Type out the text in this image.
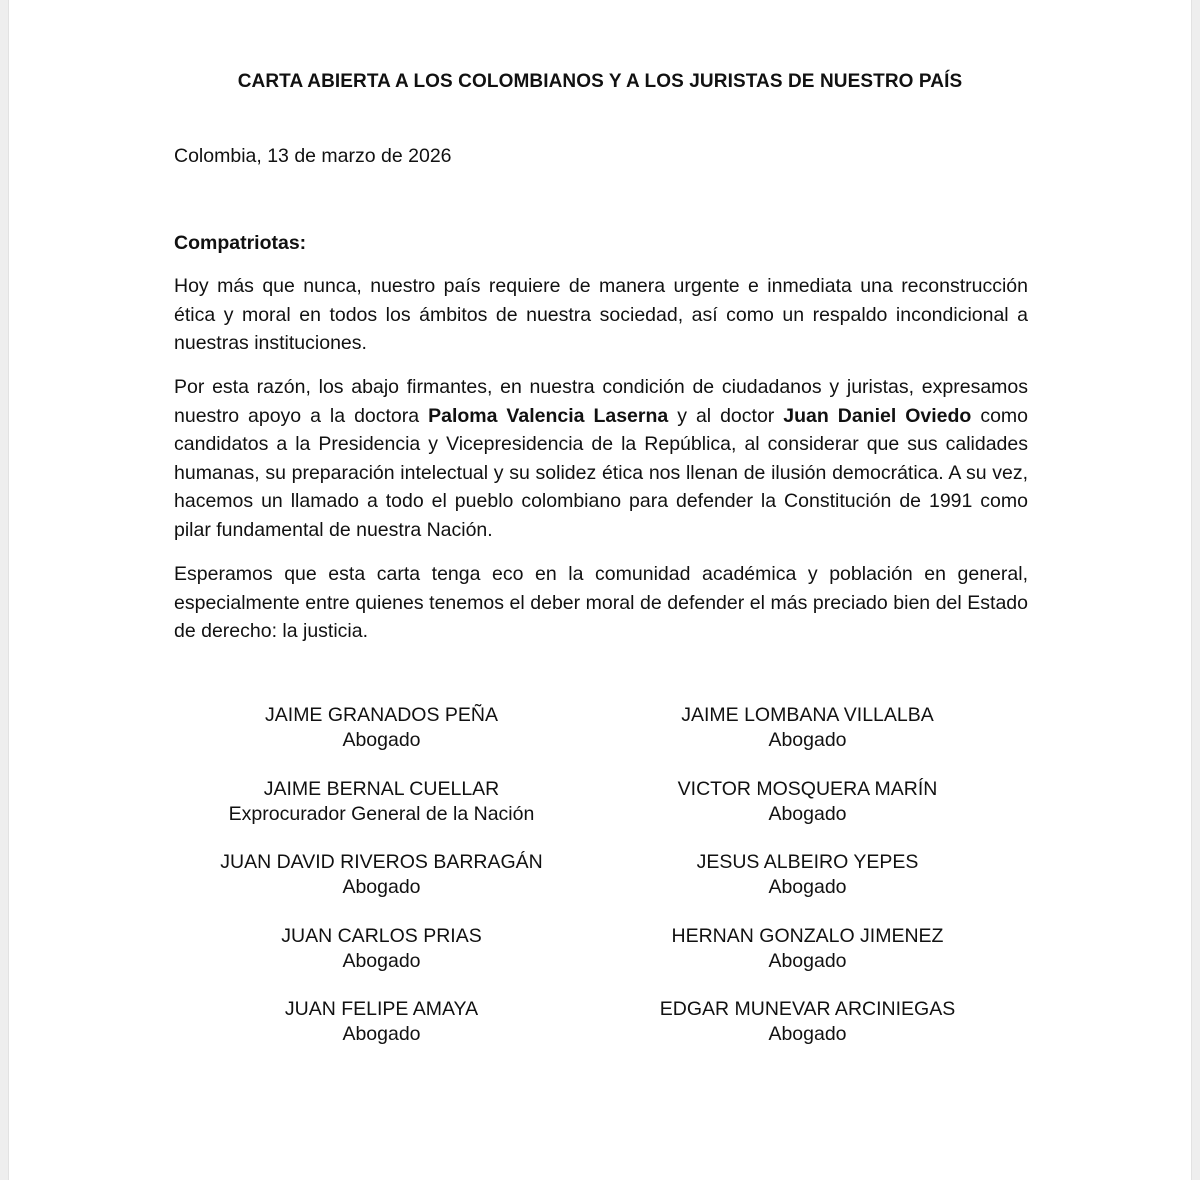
CARTA ABIERTA A LOS COLOMBIANOS Y A LOS JURISTAS DE NUESTRO PAÍS
Colombia, 13 de marzo de 2026
Compatriotas:

Hoy más que nunca, nuestro país requiere de manera urgente e inmediata una reconstrucción ética y moral en todos los ámbitos de nuestra sociedad, así como un respaldo incondicional a nuestras instituciones.

Por esta razón, los abajo firmantes, en nuestra condición de ciudadanos y juristas, expresamos nuestro apoyo a la doctora Paloma Valencia Laserna y al doctor Juan Daniel Oviedo como candidatos a la Presidencia y Vicepresidencia de la República, al considerar que sus calidades humanas, su preparación intelectual y su solidez ética nos llenan de ilusión democrática. A su vez, hacemos un llamado a todo el pueblo colombiano para defender la Constitución de 1991 como pilar fundamental de nuestra Nación.

Esperamos que esta carta tenga eco en la comunidad académica y población en general, especialmente entre quienes tenemos el deber moral de defender el más preciado bien del Estado de derecho: la justicia.

JAIME GRANADOS PEÑA
Abogado
JAIME LOMBANA VILLALBA
Abogado
JAIME BERNAL CUELLAR
Exprocurador General de la Nación
VICTOR MOSQUERA MARÍN
Abogado
JUAN DAVID RIVEROS BARRAGÁN
Abogado
JESUS ALBEIRO YEPES
Abogado
JUAN CARLOS PRIAS
Abogado
HERNAN GONZALO JIMENEZ
Abogado
JUAN FELIPE AMAYA
Abogado
EDGAR MUNEVAR ARCINIEGAS
Abogado
